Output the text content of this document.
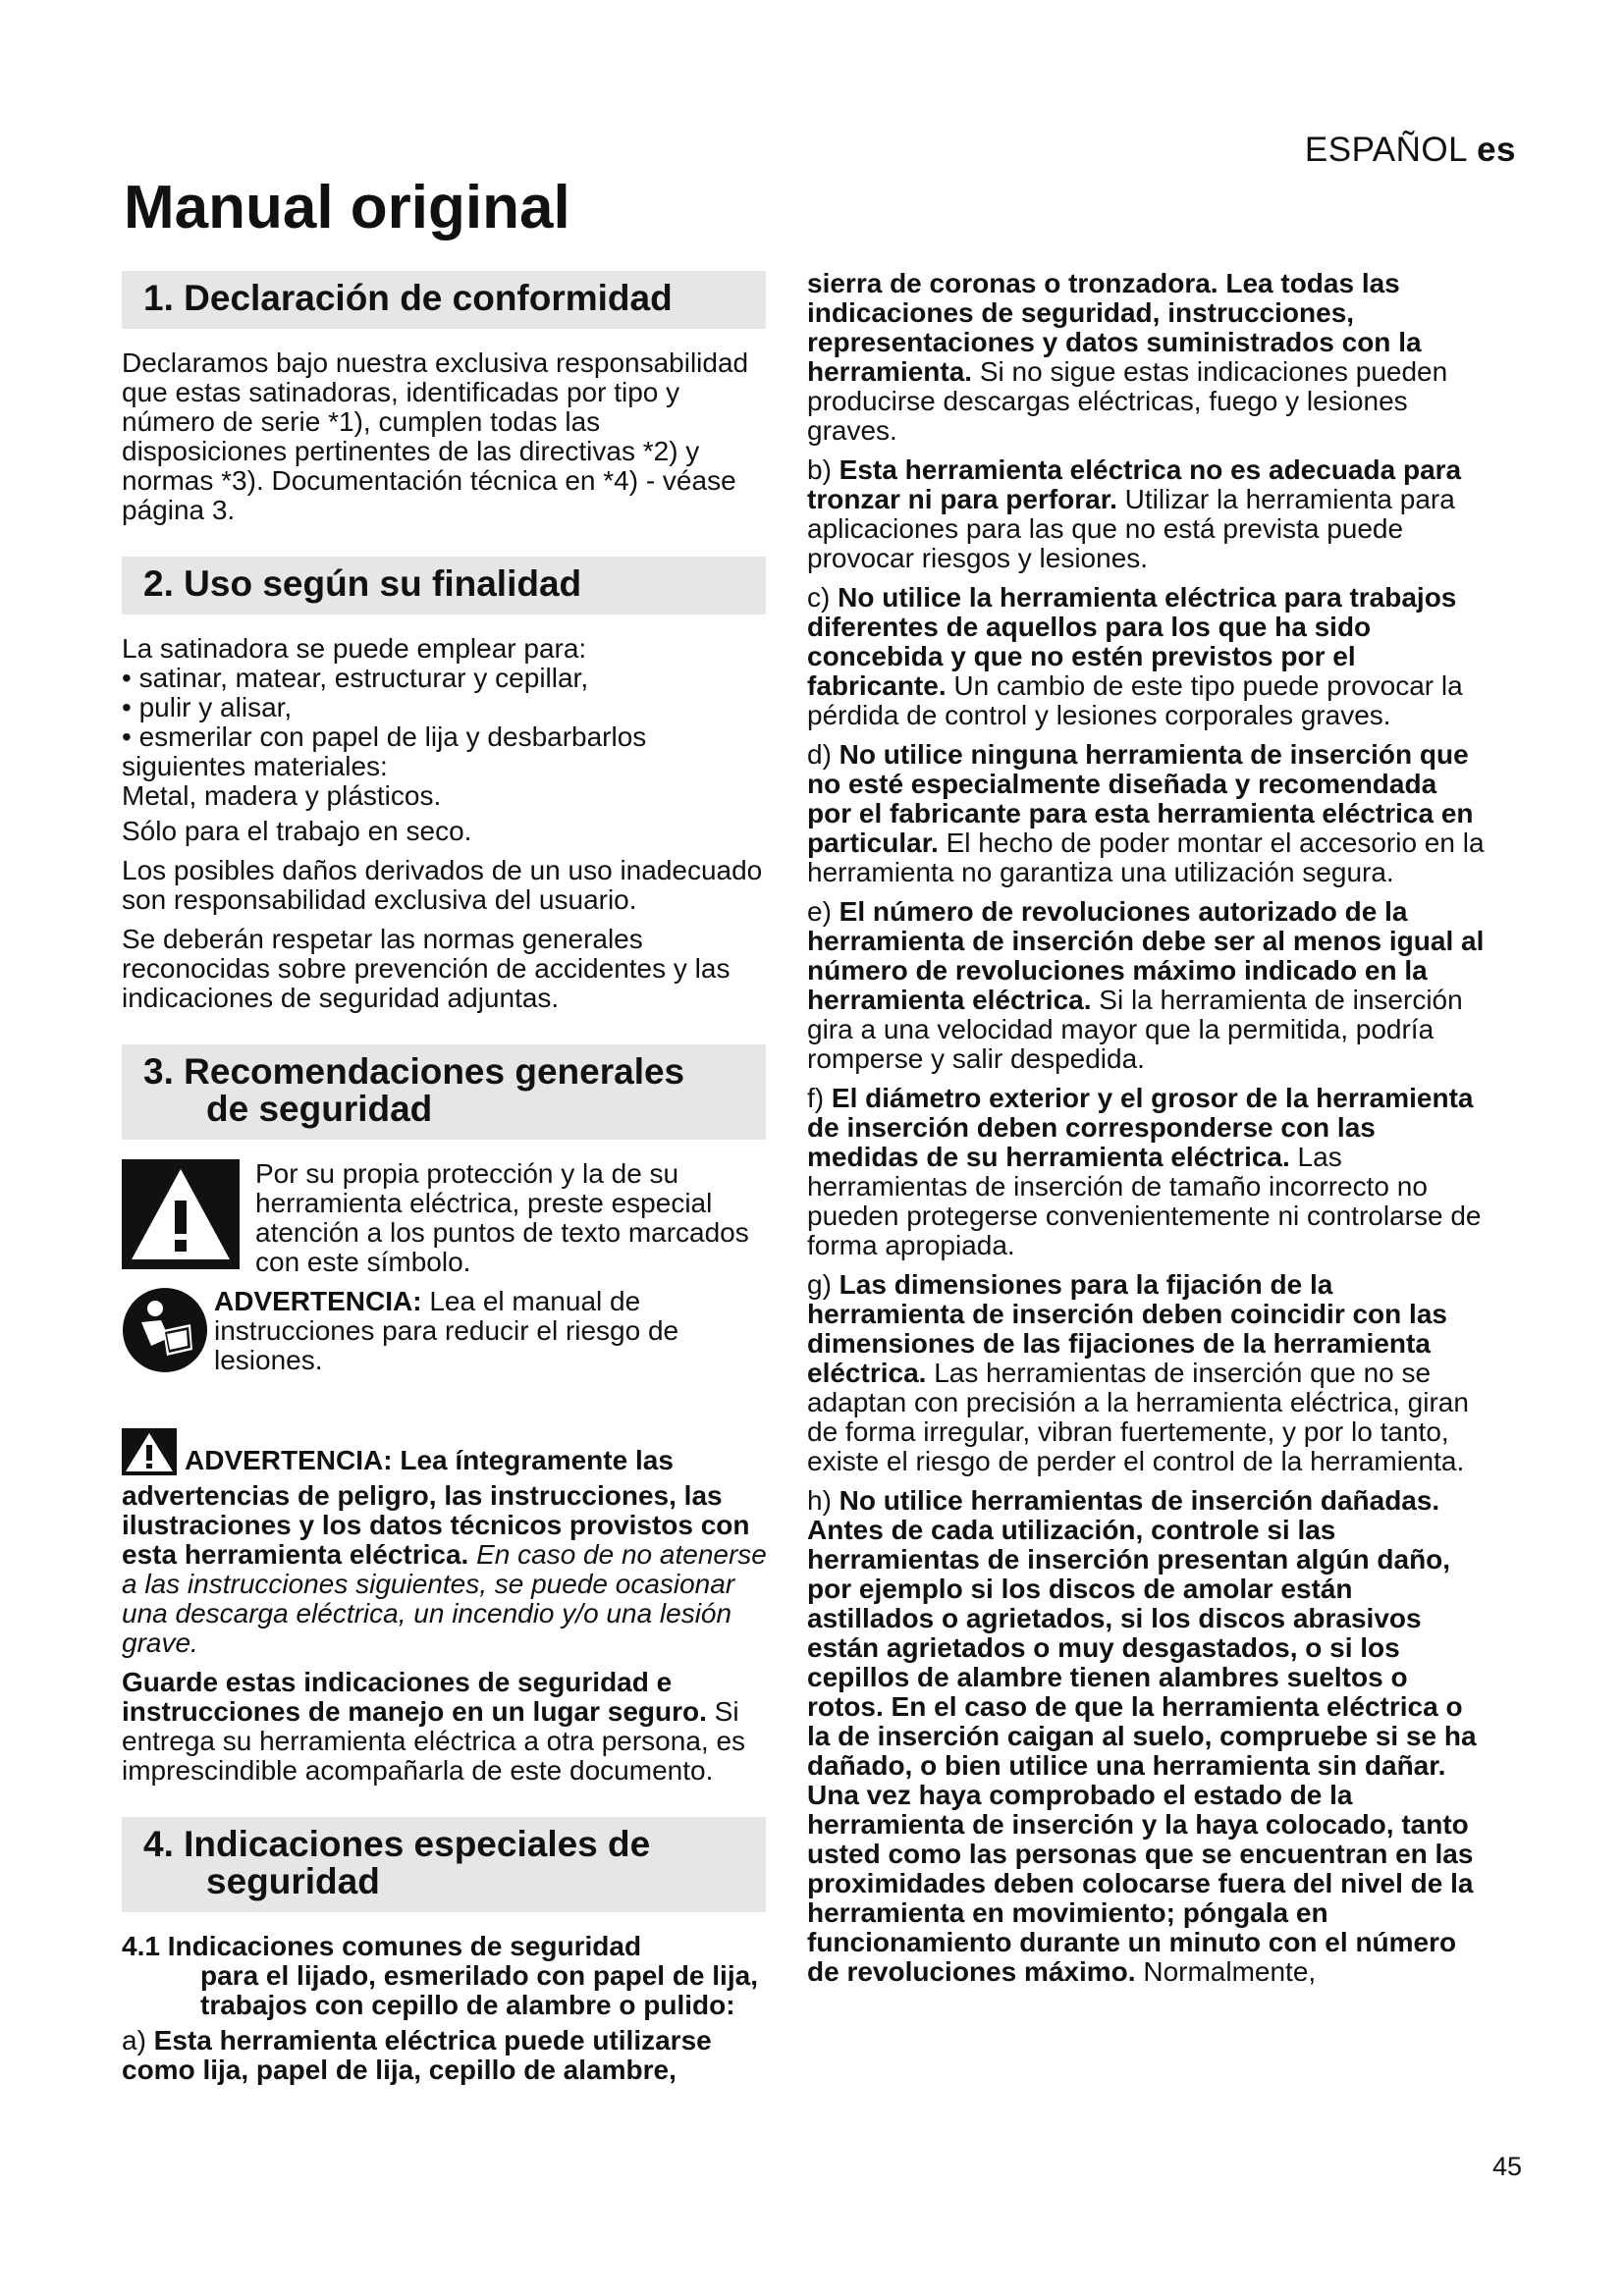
ESPAÑOL es
Manual original
1. Declaración de conformidad

Declaramos bajo nuestra exclusiva responsabilidad que estas satinadoras, identificadas por tipo y número de serie *1), cumplen todas las disposiciones pertinentes de las directivas *2) y normas *3). Documentación técnica en *4) - véase página 3.

2. Uso según su finalidad
La satinadora se puede emplear para:
• satinar, matear, estructurar y cepillar,
• pulir y alisar,
• esmerilar con papel de lija y desbarbarlos
siguientes materiales:
Metal, madera y plásticos.

Sólo para el trabajo en seco.

Los posibles daños derivados de un uso inadecuado son responsabilidad exclusiva del usuario.

Se deberán respetar las normas generales reconocidas sobre prevención de accidentes y las indicaciones de seguridad adjuntas.

3. Recomendaciones generales
de seguridad
Por su propia protección y la de su herramienta eléctrica, preste especial atención a los puntos de texto marcados con este símbolo.
ADVERTENCIA: Lea el manual de instrucciones para reducir el riesgo de lesiones.

ADVERTENCIA: Lea íntegramente las advertencias de peligro, las instrucciones, las ilustraciones y los datos técnicos provistos con esta herramienta eléctrica. En caso de no atenerse a las instrucciones siguientes, se puede ocasionar una descarga eléctrica, un incendio y/o una lesión grave.

Guarde estas indicaciones de seguridad e instrucciones de manejo en un lugar seguro. Si entrega su herramienta eléctrica a otra persona, es imprescindible acompañarla de este documento.

4. Indicaciones especiales de
seguridad
4.1 Indicaciones comunes de seguridad
para el lijado, esmerilado con papel de lija, trabajos con cepillo de alambre o pulido:

a) Esta herramienta eléctrica puede utilizarse como lija, papel de lija, cepillo de alambre,

sierra de coronas o tronzadora. Lea todas las indicaciones de seguridad, instrucciones, representaciones y datos suministrados con la herramienta. Si no sigue estas indicaciones pueden producirse descargas eléctricas, fuego y lesiones graves.

b) Esta herramienta eléctrica no es adecuada para tronzar ni para perforar. Utilizar la herramienta para aplicaciones para las que no está prevista puede provocar riesgos y lesiones.

c) No utilice la herramienta eléctrica para trabajos diferentes de aquellos para los que ha sido concebida y que no estén previstos por el fabricante. Un cambio de este tipo puede provocar la pérdida de control y lesiones corporales graves.

d) No utilice ninguna herramienta de inserción que no esté especialmente diseñada y recomendada por el fabricante para esta herramienta eléctrica en particular. El hecho de poder montar el accesorio en la herramienta no garantiza una utilización segura.

e) El número de revoluciones autorizado de la herramienta de inserción debe ser al menos igual al número de revoluciones máximo indicado en la herramienta eléctrica. Si la herramienta de inserción gira a una velocidad mayor que la permitida, podría romperse y salir despedida.

f) El diámetro exterior y el grosor de la herramienta de inserción deben corresponderse con las medidas de su herramienta eléctrica. Las herramientas de inserción de tamaño incorrecto no pueden protegerse convenientemente ni controlarse de forma apropiada.

g) Las dimensiones para la fijación de la herramienta de inserción deben coincidir con las dimensiones de las fijaciones de la herramienta eléctrica. Las herramientas de inserción que no se adaptan con precisión a la herramienta eléctrica, giran de forma irregular, vibran fuertemente, y por lo tanto, existe el riesgo de perder el control de la herramienta.

h) No utilice herramientas de inserción dañadas. Antes de cada utilización, controle si las herramientas de inserción presentan algún daño, por ejemplo si los discos de amolar están astillados o agrietados, si los discos abrasivos están agrietados o muy desgastados, o si los cepillos de alambre tienen alambres sueltos o rotos. En el caso de que la herramienta eléctrica o la de inserción caigan al suelo, compruebe si se ha dañado, o bien utilice una herramienta sin dañar. Una vez haya comprobado el estado de la herramienta de inserción y la haya colocado, tanto usted como las personas que se encuentran en las proximidades deben colocarse fuera del nivel de la herramienta en movimiento; póngala en funcionamiento durante un minuto con el número de revoluciones máximo. Normalmente,

45
